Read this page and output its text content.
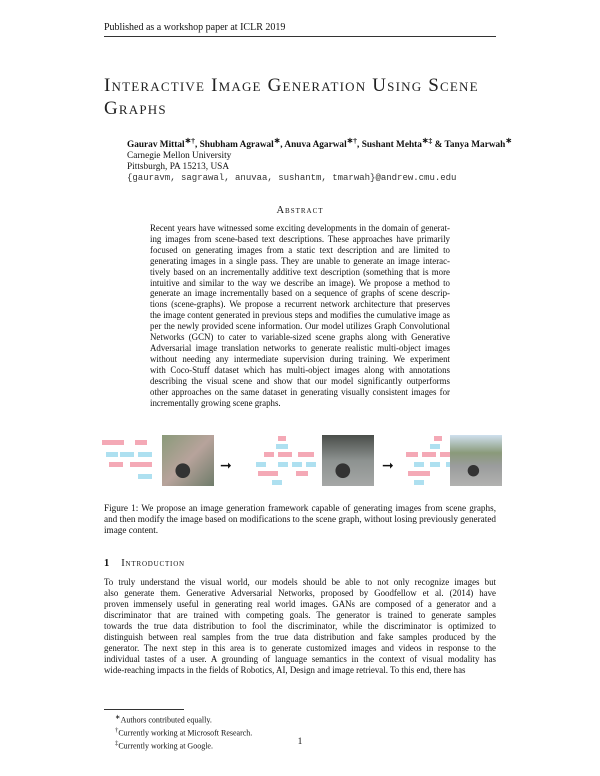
Published as a workshop paper at ICLR 2019
Interactive Image Generation Using Scene
Graphs
Gaurav Mittal∗†, Shubham Agrawal∗, Anuva Agarwal∗†, Sushant Mehta∗‡ & Tanya Marwah∗
Carnegie Mellon University
Pittsburgh, PA 15213, USA
{gauravm, sagrawal, anuvaa, sushantm, tmarwah}@andrew.cmu.edu
Abstract
Recent years have witnessed some exciting developments in the domain of generat-
ing images from scene-based text descriptions. These approaches have primarily
focused on generating images from a static text description and are limited to
generating images in a single pass. They are unable to generate an image interac-
tively based on an incrementally additive text description (something that is more
intuitive and similar to the way we describe an image). We propose a method to
generate an image incrementally based on a sequence of graphs of scene descrip-
tions (scene-graphs). We propose a recurrent network architecture that preserves
the image content generated in previous steps and modifies the cumulative image as
per the newly provided scene information. Our model utilizes Graph Convolutional
Networks (GCN) to cater to variable-sized scene graphs along with Generative
Adversarial image translation networks to generate realistic multi-object images
without needing any intermediate supervision during training. We experiment
with Coco-Stuff dataset which has multi-object images along with annotations
describing the visual scene and show that our model significantly outperforms
other approaches on the same dataset in generating visually consistent images for
incrementally growing scene graphs.
➞	➞
Figure 1: We propose an image generation framework capable of generating images from scene graphs, and then modify the image based on modifications to the scene graph, without losing previously generated image content.
1 Introduction
To truly understand the visual world, our models should be able to not only recognize images but
also generate them. Generative Adversarial Networks, proposed by Goodfellow et al. (2014) have
proven immensely useful in generating real world images. GANs are composed of a generator and a
discriminator that are trained with competing goals. The generator is trained to generate samples
towards the true data distribution to fool the discriminator, while the discriminator is optimized to
distinguish between real samples from the true data distribution and fake samples produced by the
generator. The next step in this area is to generate customized images and videos in response to the
individual tastes of a user. A grounding of language semantics in the context of visual modality has
wide-reaching impacts in the fields of Robotics, AI, Design and image retrieval. To this end, there has
∗Authors contributed equally.
†Currently working at Microsoft Research.
‡Currently working at Google.	1
